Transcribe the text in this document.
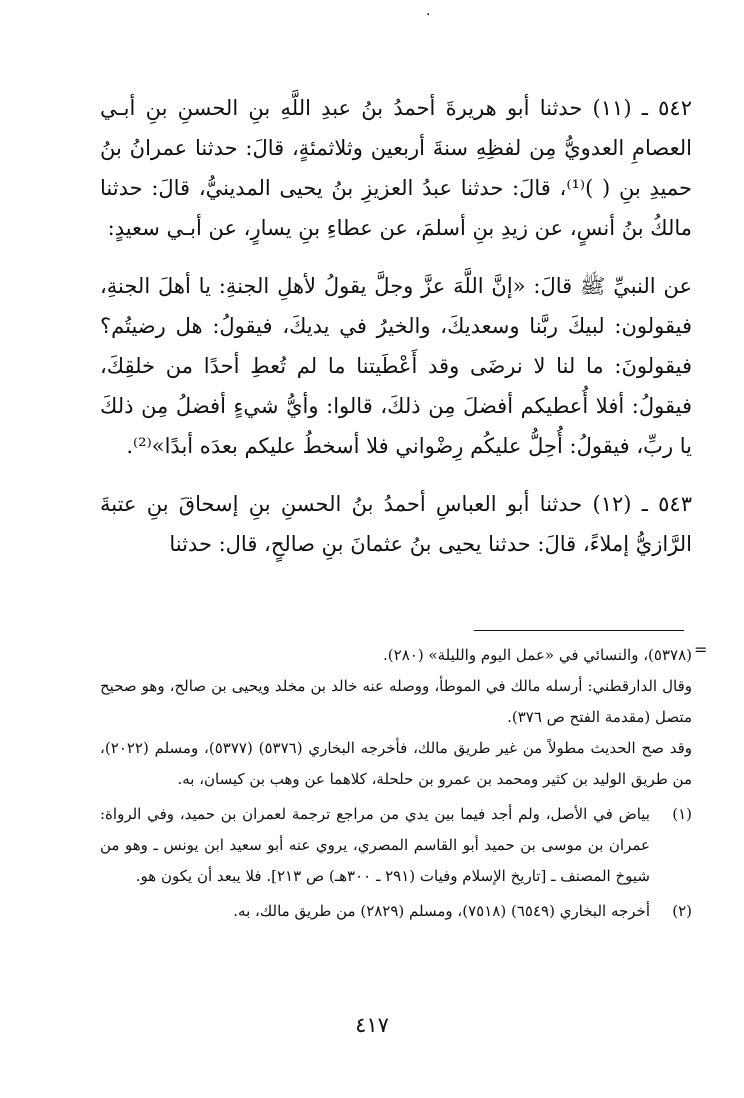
·

٥٤٢ ـ (١١) حدثنا أبو هريرةَ أحمدُ بنُ عبدِ اللَّهِ بنِ الحسنِ بنِ أبـي العصامِ العدويُّ مِن لفظِهِ سنةَ أربعين وثلاثمئةٍ، قالَ: حدثنا عمرانُ بنُ حميدِ بنِ ( )⁽¹⁾، قالَ: حدثنا عبدُ العزيزِ بنُ يحيى المدينيُّ، قالَ: حدثنا مالكُ بنُ أنسٍ، عن زيدِ بنِ أسلمَ، عن عطاءِ بنِ يسارٍ، عن أبـي سعيدٍ:

عن النبيِّ ﷺ قالَ: «إنَّ اللَّهَ عزَّ وجلَّ يقولُ لأهلِ الجنةِ: يا أهلَ الجنةِ، فيقولون: لبيكَ ربَّنا وسعديكَ، والخيرُ في يديكَ، فيقولُ: هل رضيتُم؟ فيقولونَ: ما لنا لا نرضَى وقد أَعْطَيتنا ما لم تُعطِ أحدًا من خلقِكَ، فيقولُ: أفلا أُعطيكم أفضلَ مِن ذلكَ، قالوا: وأيُّ شيءٍ أفضلُ مِن ذلكَ يا ربِّ، فيقولُ: أُحِلُّ عليكُم رِضْواني فلا أسخطُ عليكم بعدَه أبدًا»⁽²⁾.

٥٤٣ ـ (١٢) حدثنا أبو العباسِ أحمدُ بنُ الحسنِ بنِ إسحاقَ بنِ عتبةَ الرَّازيُّ إملاءً، قالَ: حدثنا يحيى بنُ عثمانَ بنِ صالحٍ، قال: حدثنا

=

(٥٣٧٨)، والنسائي في «عمل اليوم والليلة» (٢٨٠).

وقال الدارقطني: أرسله مالك في الموطأ، ووصله عنه خالد بن مخلد ويحيى بن صالح، وهو صحيح متصل (مقدمة الفتح ص ٣٧٦).

وقد صح الحديث مطولاً من غير طريق مالك، فأخرجه البخاري (٥٣٧٦) (٥٣٧٧)، ومسلم (٢٠٢٢)، من طريق الوليد بن كثير ومحمد بن عمرو بن حلحلة، كلاهما عن وهب بن كيسان، به.

(١)
بياض في الأصل، ولم أجد فيما بين يدي من مراجع ترجمة لعمران بن حميد، وفي الرواة: عمران بن موسى بن حميد أبو القاسم المصري، يروي عنه أبو سعيد ابن يونس ـ وهو من شيوخ المصنف ـ [تاريخ الإسلام وفيات (٢٩١ ـ ٣٠٠هـ) ص ٢١٣]. فلا يبعد أن يكون هو.
(٢)
أخرجه البخاري (٦٥٤٩) (٧٥١٨)، ومسلم (٢٨٢٩) من طريق مالك، به.
٤١٧
